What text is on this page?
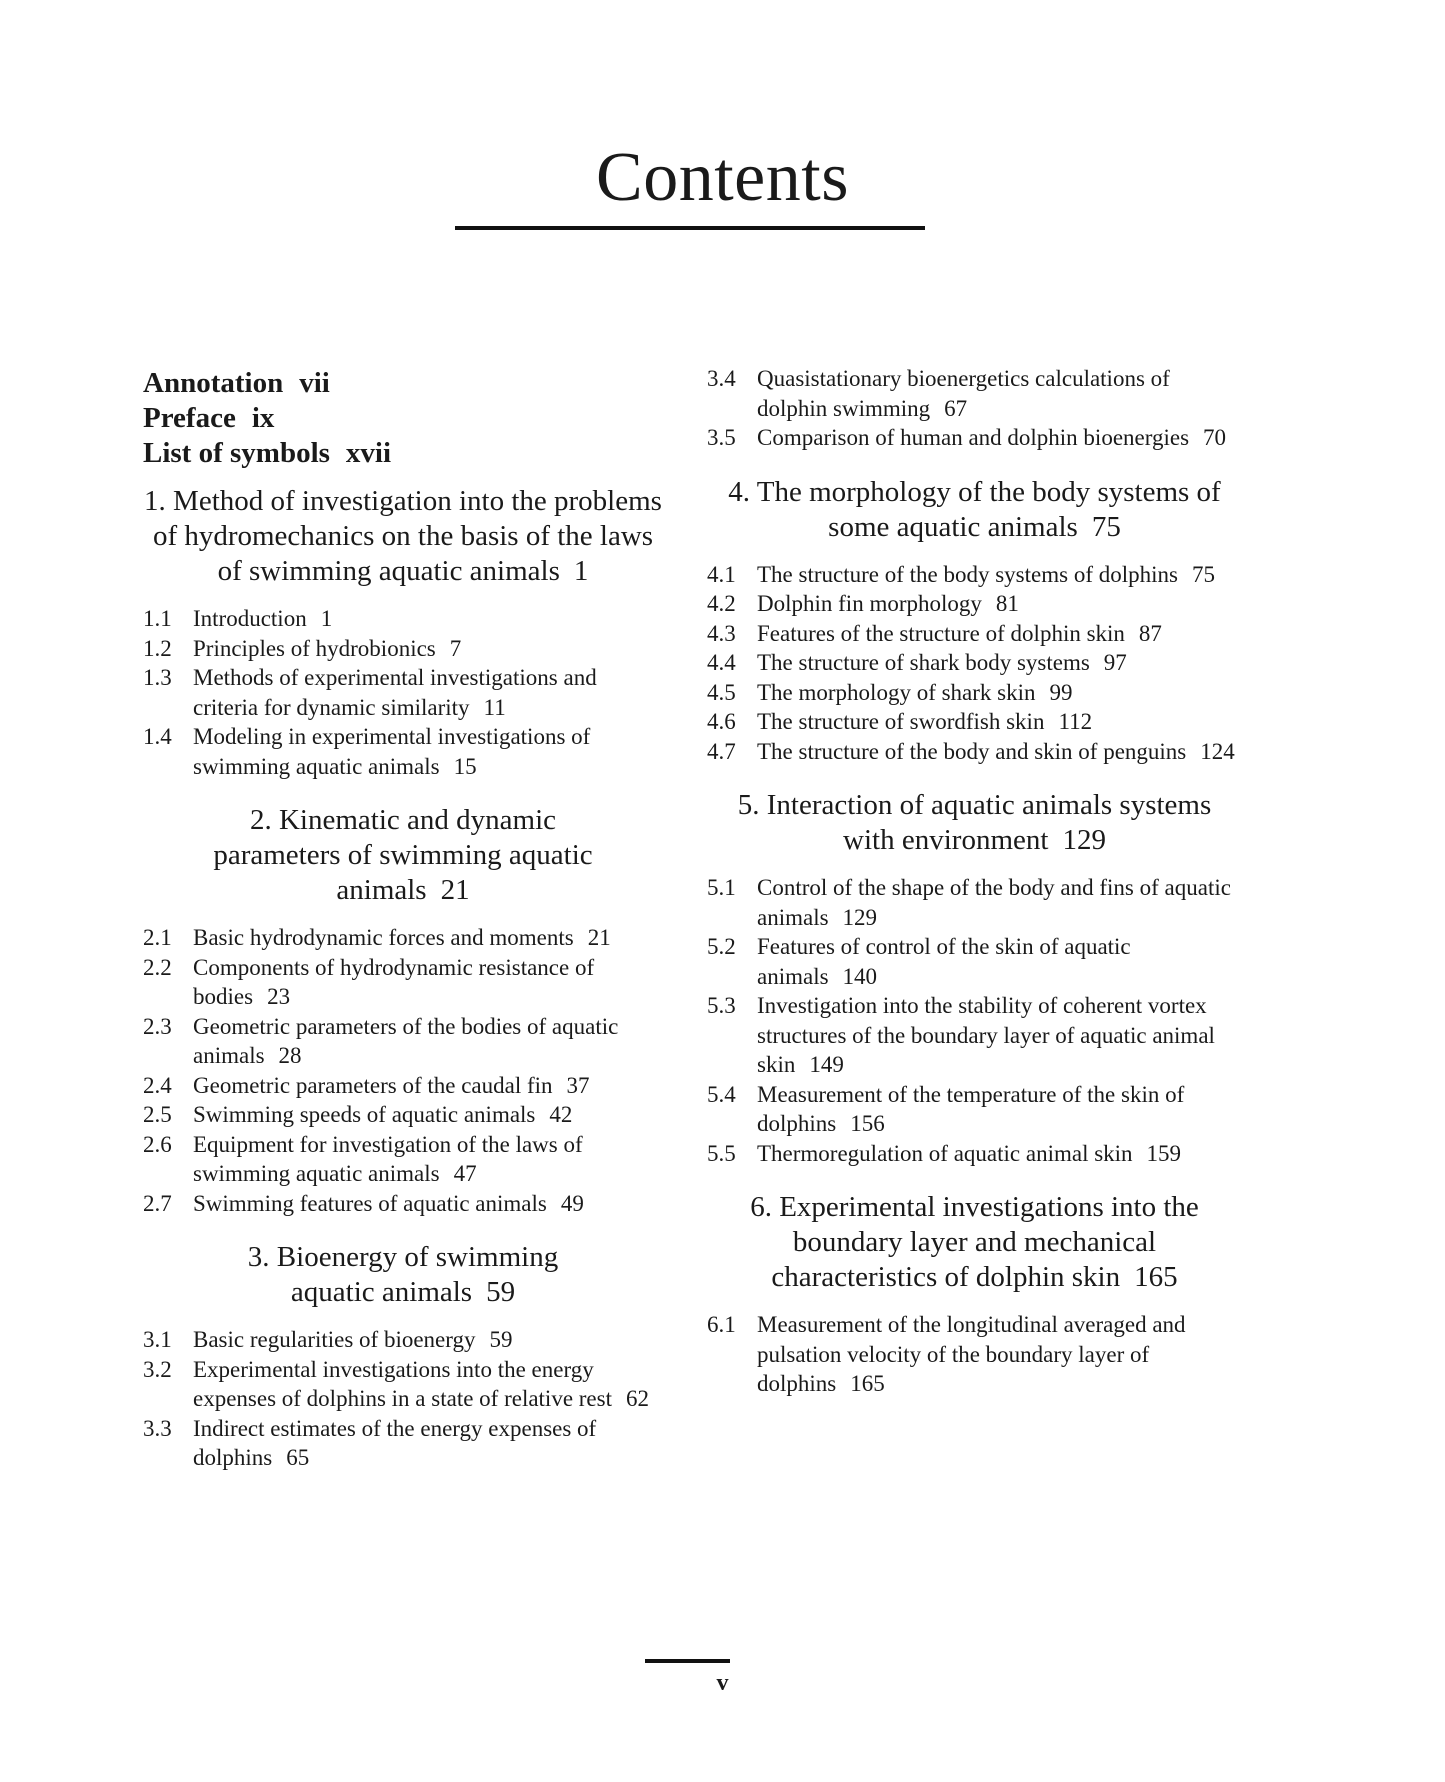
Contents

Annotation vii

Preface ix

List of symbols xvii

1. Method of investigation into the problems of hydromechanics on the basis of the laws of swimming aquatic animals 1

1.1 Introduction 1
1.2 Principles of hydrobionics 7
1.3 Methods of experimental investigations and criteria for dynamic similarity 11
1.4 Modeling in experimental investigations of swimming aquatic animals 15

2. Kinematic and dynamic parameters of swimming aquatic animals 21

2.1 Basic hydrodynamic forces and moments 21
2.2 Components of hydrodynamic resistance of bodies 23
2.3 Geometric parameters of the bodies of aquatic animals 28
2.4 Geometric parameters of the caudal fin 37
2.5 Swimming speeds of aquatic animals 42
2.6 Equipment for investigation of the laws of swimming aquatic animals 47
2.7 Swimming features of aquatic animals 49

3. Bioenergy of swimming aquatic animals 59

3.1 Basic regularities of bioenergy 59
3.2 Experimental investigations into the energy expenses of dolphins in a state of relative rest 62
3.3 Indirect estimates of the energy expenses of dolphins 65
3.4 Quasistationary bioenergetics calculations of dolphin swimming 67
3.5 Comparison of human and dolphin bioenergies 70

4. The morphology of the body systems of some aquatic animals 75

4.1 The structure of the body systems of dolphins 75
4.2 Dolphin fin morphology 81
4.3 Features of the structure of dolphin skin 87
4.4 The structure of shark body systems 97
4.5 The morphology of shark skin 99
4.6 The structure of swordfish skin 112
4.7 The structure of the body and skin of penguins 124

5. Interaction of aquatic animals systems with environment 129

5.1 Control of the shape of the body and fins of aquatic animals 129
5.2 Features of control of the skin of aquatic animals 140
5.3 Investigation into the stability of coherent vortex structures of the boundary layer of aquatic animal skin 149
5.4 Measurement of the temperature of the skin of dolphins 156
5.5 Thermoregulation of aquatic animal skin 159

6. Experimental investigations into the boundary layer and mechanical characteristics of dolphin skin 165

6.1 Measurement of the longitudinal averaged and pulsation velocity of the boundary layer of dolphins 165
v
